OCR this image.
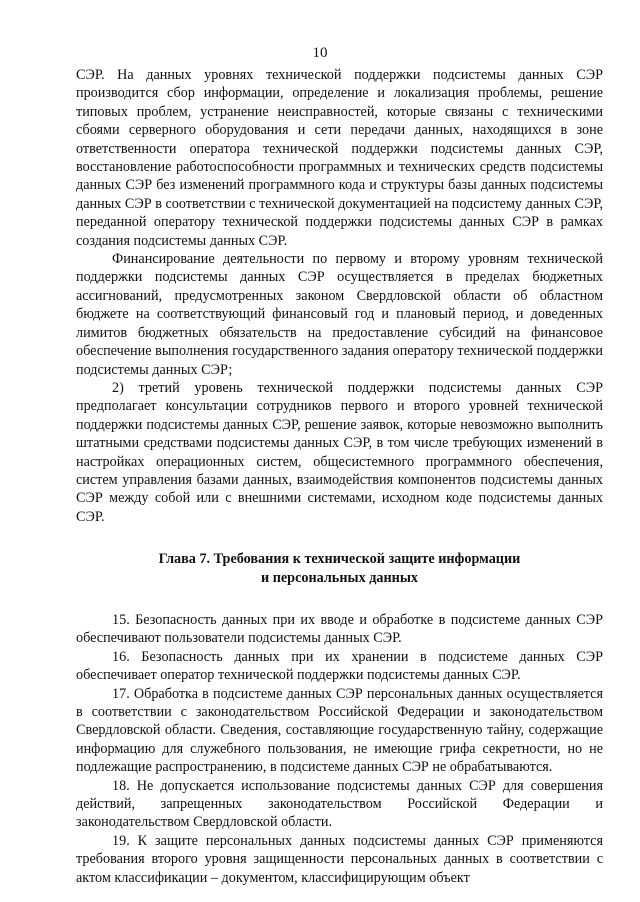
10

СЭР. На данных уровнях технической поддержки подсистемы данных СЭР производится сбор информации, определение и локализация проблемы, решение типовых проблем, устранение неисправностей, которые связаны с техническими сбоями серверного оборудования и сети передачи данных, находящихся в зоне ответственности оператора технической поддержки подсистемы данных СЭР, восстановление работоспособности программных и технических средств подсистемы данных СЭР без изменений программного кода и структуры базы данных подсистемы данных СЭР в соответствии с технической документацией на подсистему данных СЭР, переданной оператору технической поддержки подсистемы данных СЭР в рамках создания подсистемы данных СЭР.

Финансирование деятельности по первому и второму уровням технической поддержки подсистемы данных СЭР осуществляется в пределах бюджетных ассигнований, предусмотренных законом Свердловской области об областном бюджете на соответствующий финансовый год и плановый период, и доведенных лимитов бюджетных обязательств на предоставление субсидий на финансовое обеспечение выполнения государственного задания оператору технической поддержки подсистемы данных СЭР;

2) третий уровень технической поддержки подсистемы данных СЭР предполагает консультации сотрудников первого и второго уровней технической поддержки подсистемы данных СЭР, решение заявок, которые невозможно выполнить штатными средствами подсистемы данных СЭР, в том числе требующих изменений в настройках операционных систем, общесистемного программного обеспечения, систем управления базами данных, взаимодействия компонентов подсистемы данных СЭР между собой или с внешними системами, исходном коде подсистемы данных СЭР.

Глава 7. Требования к технической защите информации
и персональных данных

15. Безопасность данных при их вводе и обработке в подсистеме данных СЭР обеспечивают пользователи подсистемы данных СЭР.

16. Безопасность данных при их хранении в подсистеме данных СЭР обеспечивает оператор технической поддержки подсистемы данных СЭР.

17. Обработка в подсистеме данных СЭР персональных данных осуществляется в соответствии с законодательством Российской Федерации и законодательством Свердловской области. Сведения, составляющие государственную тайну, содержащие информацию для служебного пользования, не имеющие грифа секретности, но не подлежащие распространению, в подсистеме данных СЭР не обрабатываются.

18. Не допускается использование подсистемы данных СЭР для совершения действий, запрещенных законодательством Российской Федерации и законодательством Свердловской области.

19. К защите персональных данных подсистемы данных СЭР применяются требования второго уровня защищенности персональных данных в соответствии с актом классификации – документом, классифицирующим объект
